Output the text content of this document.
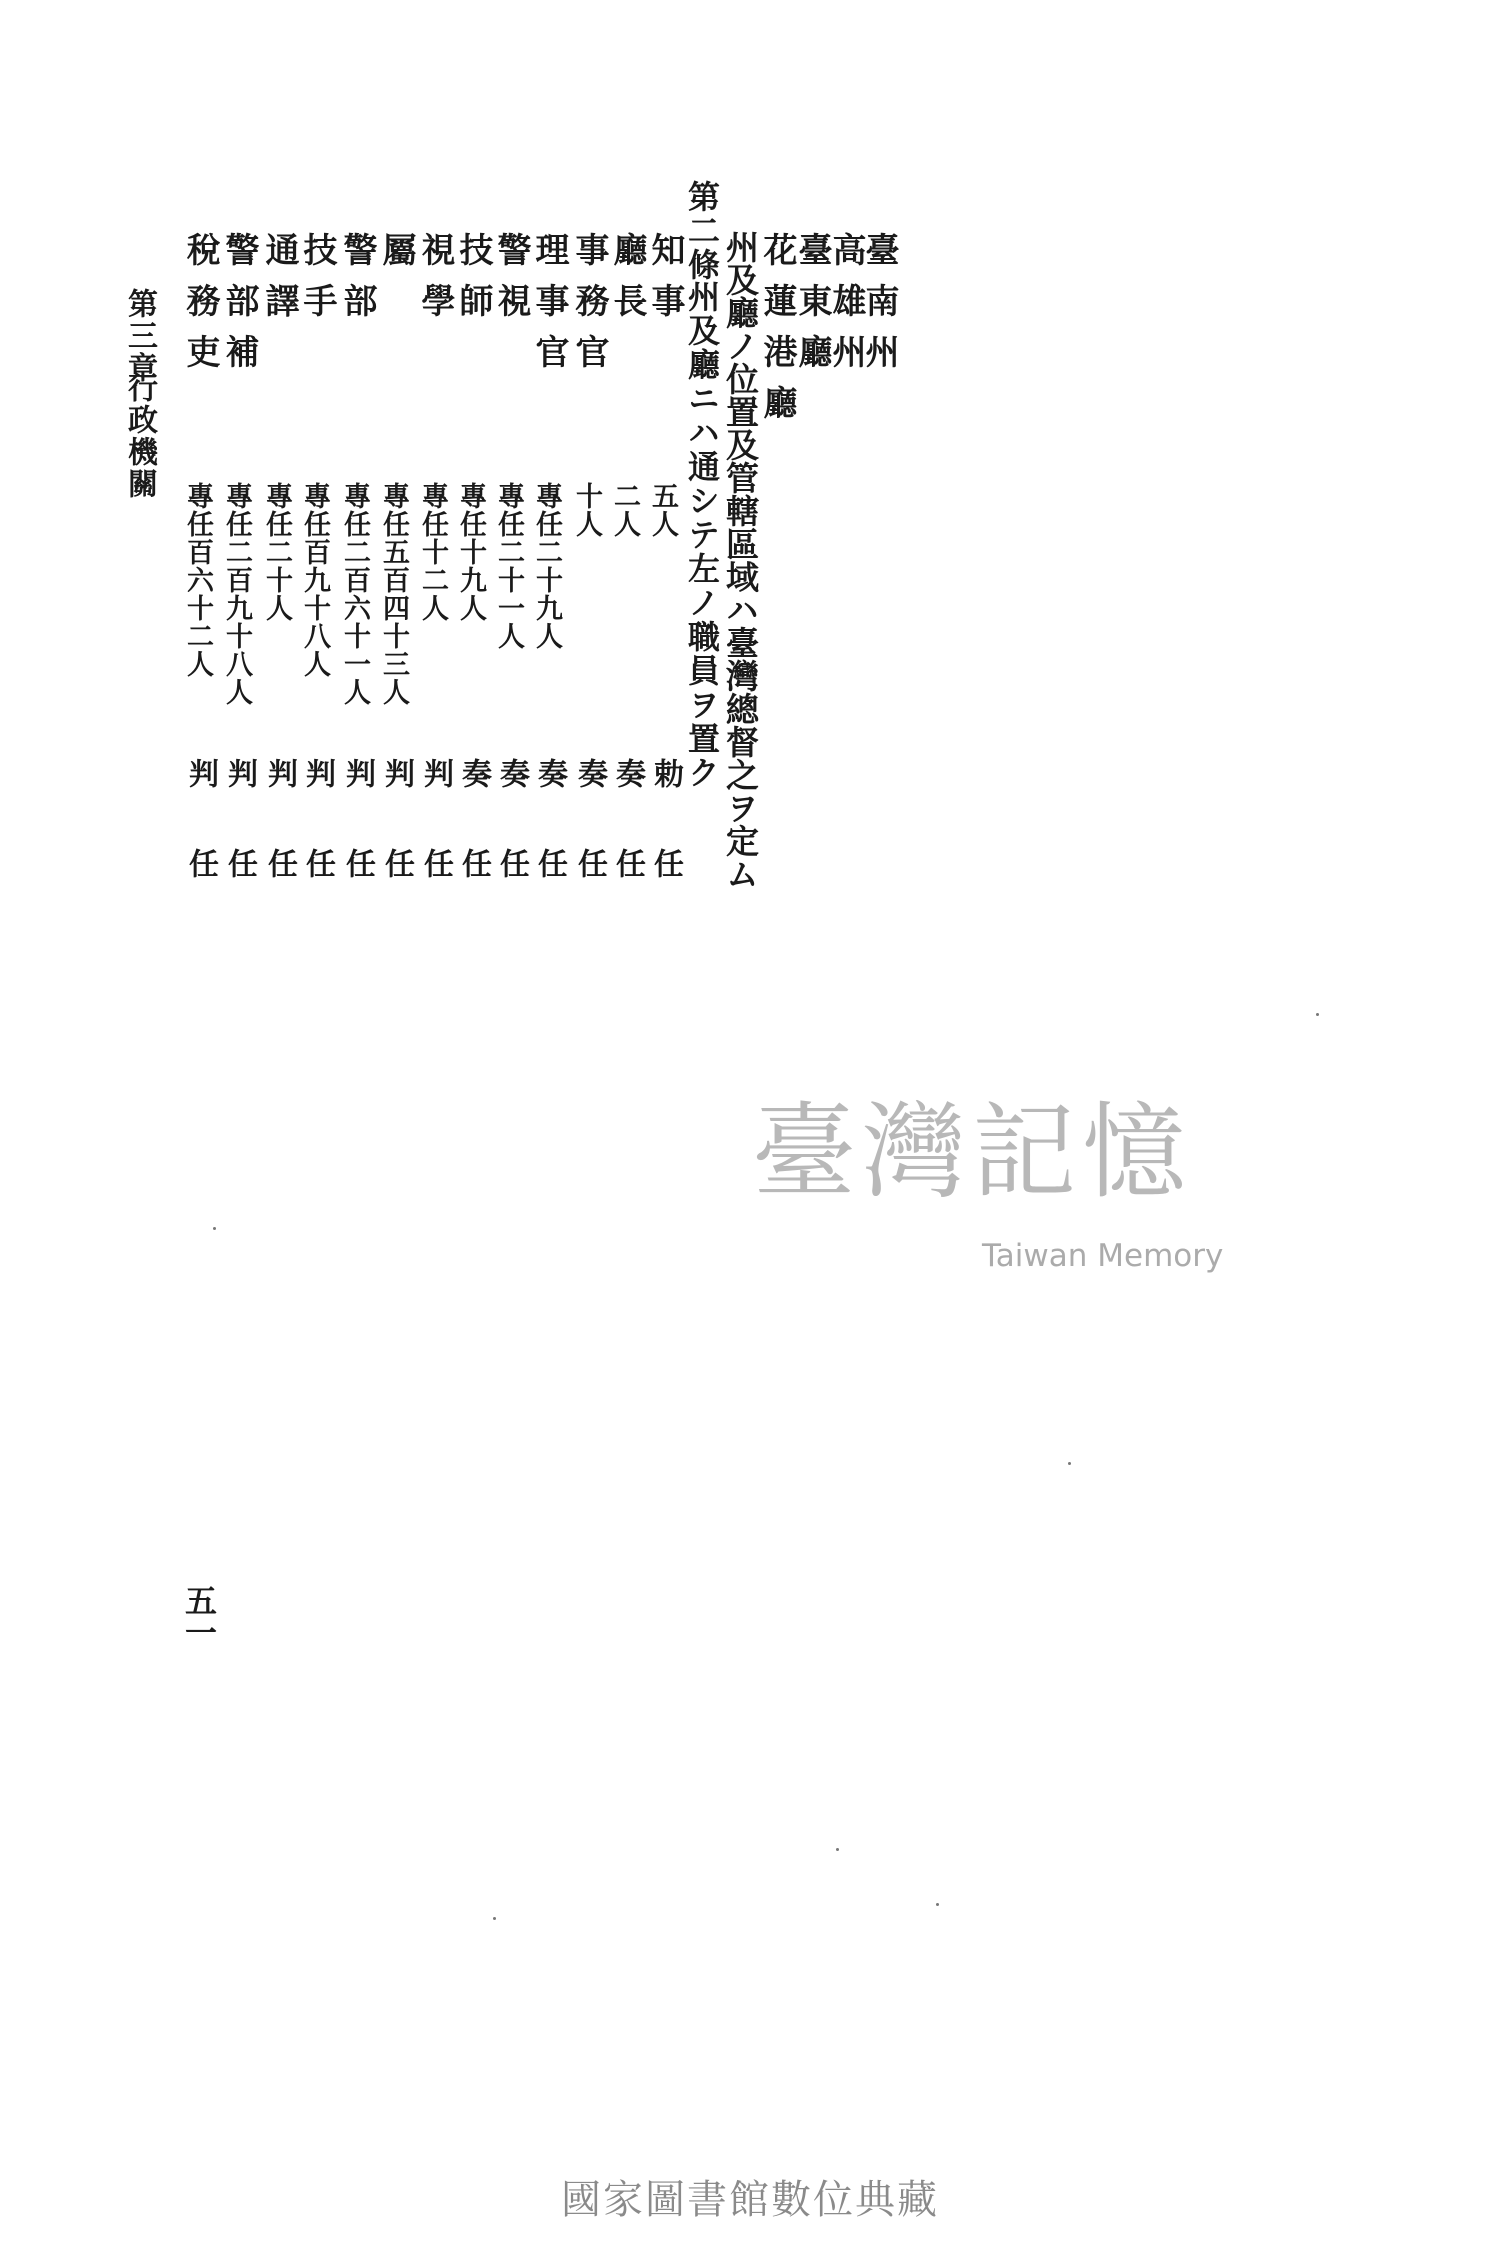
臺南州
高雄州
臺東廳
花蓮港廳
州及廳ノ位置及管轄區域ハ臺灣總督之ヲ定ム
第二條
州及廳ニハ通シテ左ノ職員ヲ置ク
知事
廳長
事務官
理事官
警視
技師
視學
屬
警部
技手
通譯
警部補
稅務吏
五人
二人
十人
專任二十九人
專任二十一人
專任十九人
專任十二人
專任五百四十三人
專任二百六十一人
專任百九十八人
專任二十人
專任二百九十八人
專任百六十二人
勅任
奏任
奏任
奏任
奏任
奏任
判任
判任
判任
判任
判任
判任
判任
第三章
行政機關
五一
臺灣記憶
Taiwan Memory
國家圖書館數位典藏
